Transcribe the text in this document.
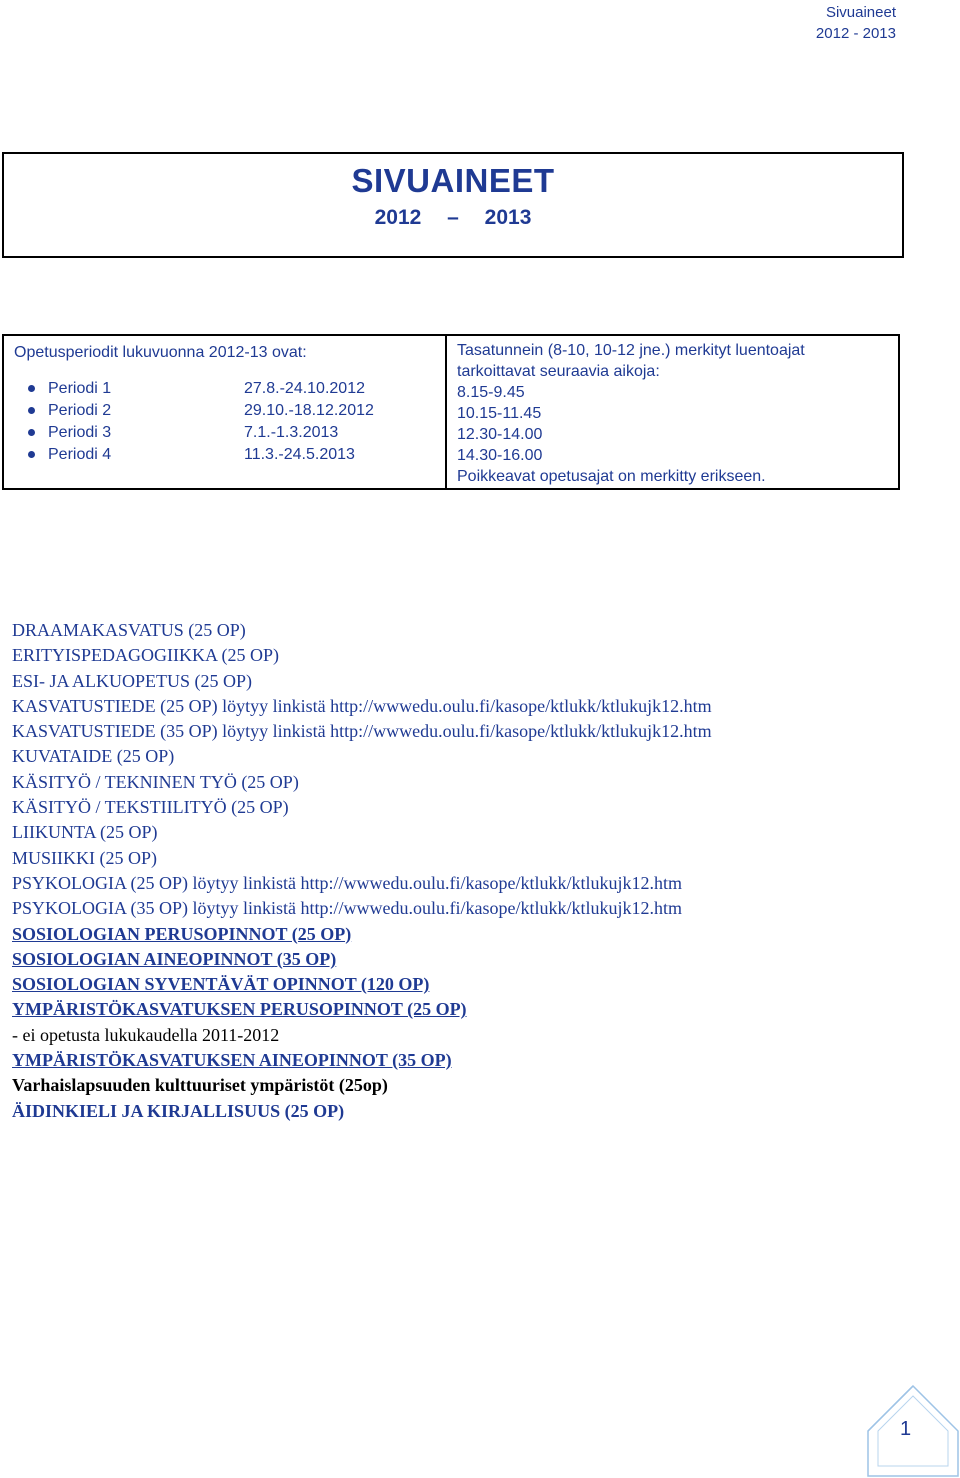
Sivuaineet
2012 - 2013
SIVUAINEET
2012 – 2013
Opetusperiodit lukuvuonna 2012-13 ovat:
Periodi 1	27.8.-24.10.2012
Periodi 2	29.10.-18.12.2012
Periodi 3	7.1.-1.3.2013
Periodi 4	11.3.-24.5.2013
Tasatunnein (8-10, 10-12 jne.) merkityt luentoajat
tarkoittavat seuraavia aikoja:
8.15-9.45
10.15-11.45
12.30-14.00
14.30-16.00
Poikkeavat opetusajat on merkitty erikseen.
DRAAMAKASVATUS (25 OP)
ERITYISPEDAGOGIIKKA (25 OP)
ESI- JA ALKUOPETUS (25 OP)
KASVATUSTIEDE (25 OP) löytyy linkistä http://wwwedu.oulu.fi/kasope/ktlukk/ktlukujk12.htm
KASVATUSTIEDE (35 OP) löytyy linkistä http://wwwedu.oulu.fi/kasope/ktlukk/ktlukujk12.htm
KUVATAIDE (25 OP)
KÄSITYÖ / TEKNINEN TYÖ (25 OP)
KÄSITYÖ / TEKSTIILITYÖ (25 OP)
LIIKUNTA (25 OP)
MUSIIKKI (25 OP)
PSYKOLOGIA (25 OP) löytyy linkistä http://wwwedu.oulu.fi/kasope/ktlukk/ktlukujk12.htm
PSYKOLOGIA (35 OP) löytyy linkistä http://wwwedu.oulu.fi/kasope/ktlukk/ktlukujk12.htm
SOSIOLOGIAN PERUSOPINNOT (25 OP)
SOSIOLOGIAN AINEOPINNOT (35 OP)
SOSIOLOGIAN SYVENTÄVÄT OPINNOT (120 OP)
YMPÄRISTÖKASVATUKSEN PERUSOPINNOT (25 OP)
- ei opetusta lukukaudella 2011-2012
YMPÄRISTÖKASVATUKSEN AINEOPINNOT (35 OP)
Varhaislapsuuden kulttuuriset ympäristöt (25op)
ÄIDINKIELI JA KIRJALLISUUS (25 OP)
1
